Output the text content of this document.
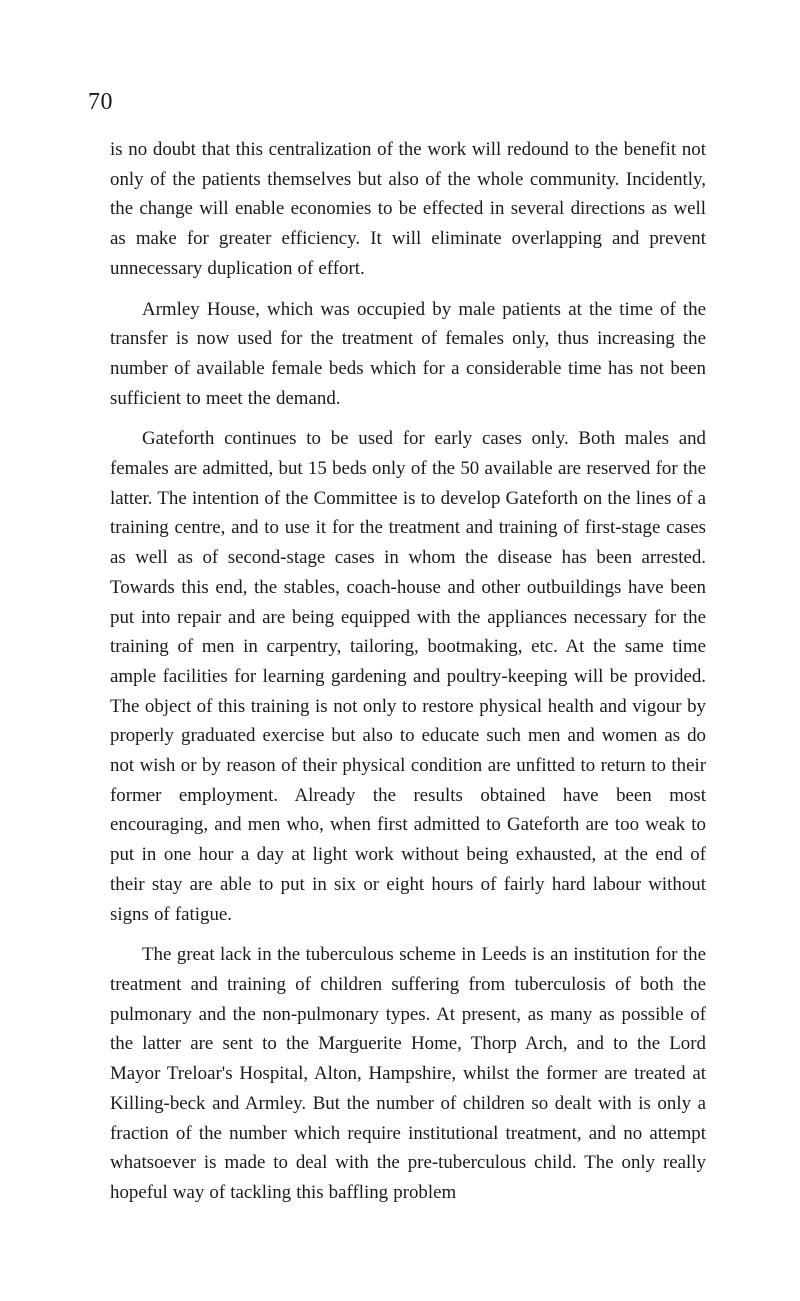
70

is no doubt that this centralization of the work will redound to the benefit not only of the patients themselves but also of the whole community. Incidently, the change will enable economies to be effected in several directions as well as make for greater efficiency. It will eliminate overlapping and prevent unnecessary duplication of effort.

Armley House, which was occupied by male patients at the time of the transfer is now used for the treatment of females only, thus increasing the number of available female beds which for a considerable time has not been sufficient to meet the demand.

Gateforth continues to be used for early cases only. Both males and females are admitted, but 15 beds only of the 50 available are reserved for the latter. The intention of the Committee is to develop Gateforth on the lines of a training centre, and to use it for the treatment and training of first-stage cases as well as of second-stage cases in whom the disease has been arrested. Towards this end, the stables, coach-house and other outbuildings have been put into repair and are being equipped with the appliances necessary for the training of men in carpentry, tailoring, bootmaking, etc. At the same time ample facilities for learning gardening and poultry-keeping will be provided. The object of this training is not only to restore physical health and vigour by properly graduated exercise but also to educate such men and women as do not wish or by reason of their physical condition are unfitted to return to their former employment. Already the results obtained have been most encouraging, and men who, when first admitted to Gateforth are too weak to put in one hour a day at light work without being exhausted, at the end of their stay are able to put in six or eight hours of fairly hard labour without signs of fatigue.

The great lack in the tuberculous scheme in Leeds is an institution for the treatment and training of children suffering from tuberculosis of both the pulmonary and the non-pulmonary types. At present, as many as possible of the latter are sent to the Marguerite Home, Thorp Arch, and to the Lord Mayor Treloar's Hospital, Alton, Hampshire, whilst the former are treated at Killing-beck and Armley. But the number of children so dealt with is only a fraction of the number which require institutional treatment, and no attempt whatsoever is made to deal with the pre-tuberculous child. The only really hopeful way of tackling this baffling problem
